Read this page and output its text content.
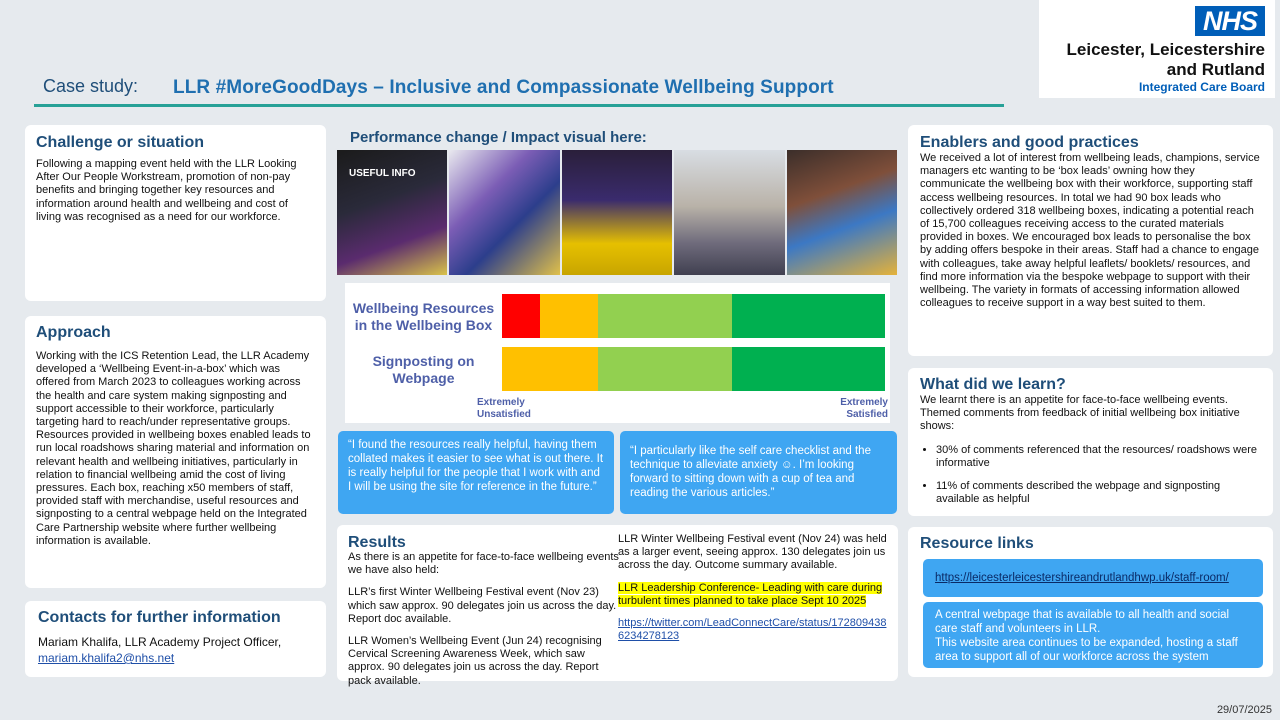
Case study: LLR #MoreGoodDays – Inclusive and Compassionate Wellbeing Support
NHS
Leicester, Leicestershire
and Rutland
Integrated Care Board
Challenge or situation

Following a mapping event held with the LLR Looking After Our People Workstream, promotion of non-pay benefits and bringing together key resources and information around health and wellbeing and cost of living was recognised as a need for our workforce.

Approach

Working with the ICS Retention Lead, the LLR Academy developed a ‘Wellbeing Event-in-a-box’ which was offered from March 2023 to colleagues working across the health and care system making signposting and support accessible to their workforce, particularly targeting hard to reach/under representative groups. Resources provided in wellbeing boxes enabled leads to run local roadshows sharing material and information on relevant health and wellbeing initiatives, particularly in relation to financial wellbeing amid the cost of living pressures. Each box, reaching x50 members of staff, provided staff with merchandise, useful resources and signposting to a central webpage held on the Integrated Care Partnership website where further wellbeing information is available.

Contacts for further information

Mariam Khalifa, LLR Academy Project Officer,

mariam.khalifa2@nhs.net
Performance change / Impact visual here:
USEFUL INFO
Wellbeing Resources in the Wellbeing Box
Signposting on Webpage
Extremely Unsatisfied
Extremely Satisfied
“I found the resources really helpful, having them collated makes it easier to see what is out there. It is really helpful for the people that I work with and I will be using the site for reference in the future.”
“I particularly like the self care checklist and the technique to alleviate anxiety ☺. I’m looking forward to sitting down with a cup of tea and reading the various articles.”
Results

As there is an appetite for face-to-face wellbeing events we have also held:

LLR’s first Winter Wellbeing Festival event (Nov 23) which saw approx. 90 delegates join us across the day. Report doc available.

LLR Women’s Wellbeing Event (Jun 24) recognising Cervical Screening Awareness Week, which saw approx. 90 delegates join us across the day. Report pack available.

LLR Winter Wellbeing Festival event (Nov 24) was held as a larger event, seeing approx. 130 delegates join us across the day. Outcome summary available.

LLR Leadership Conference- Leading with care during turbulent times planned to take place Sept 10 2025

https://twitter.com/LeadConnectCare/status/1728094386234278123

Enablers and good practices

We received a lot of interest from wellbeing leads, champions, service managers etc wanting to be ‘box leads’ owning how they communicate the wellbeing box with their workforce, supporting staff access wellbeing resources. In total we had 90 box leads who collectively ordered 318 wellbeing boxes, indicating a potential reach of 15,700 colleagues receiving access to the curated materials provided in boxes. We encouraged box leads to personalise the box by adding offers bespoke in their areas. Staff had a chance to engage with colleagues, take away helpful leaflets/ booklets/ resources, and find more information via the bespoke webpage to support with their wellbeing. The variety in formats of accessing information allowed colleagues to receive support in a way best suited to them.

What did we learn?

We learnt there is an appetite for face-to-face wellbeing events. Themed comments from feedback of initial wellbeing box initiative shows:

• 30% of comments referenced that the resources/ roadshows were informative
• 11% of comments described the webpage and signposting available as helpful
Resource links
https://leicesterleicestershireandrutlandhwp.uk/staff-room/
A central webpage that is available to all health and social care staff and volunteers in LLR.
This website area continues to be expanded, hosting a staff area to support all of our workforce across the system
29/07/2025
